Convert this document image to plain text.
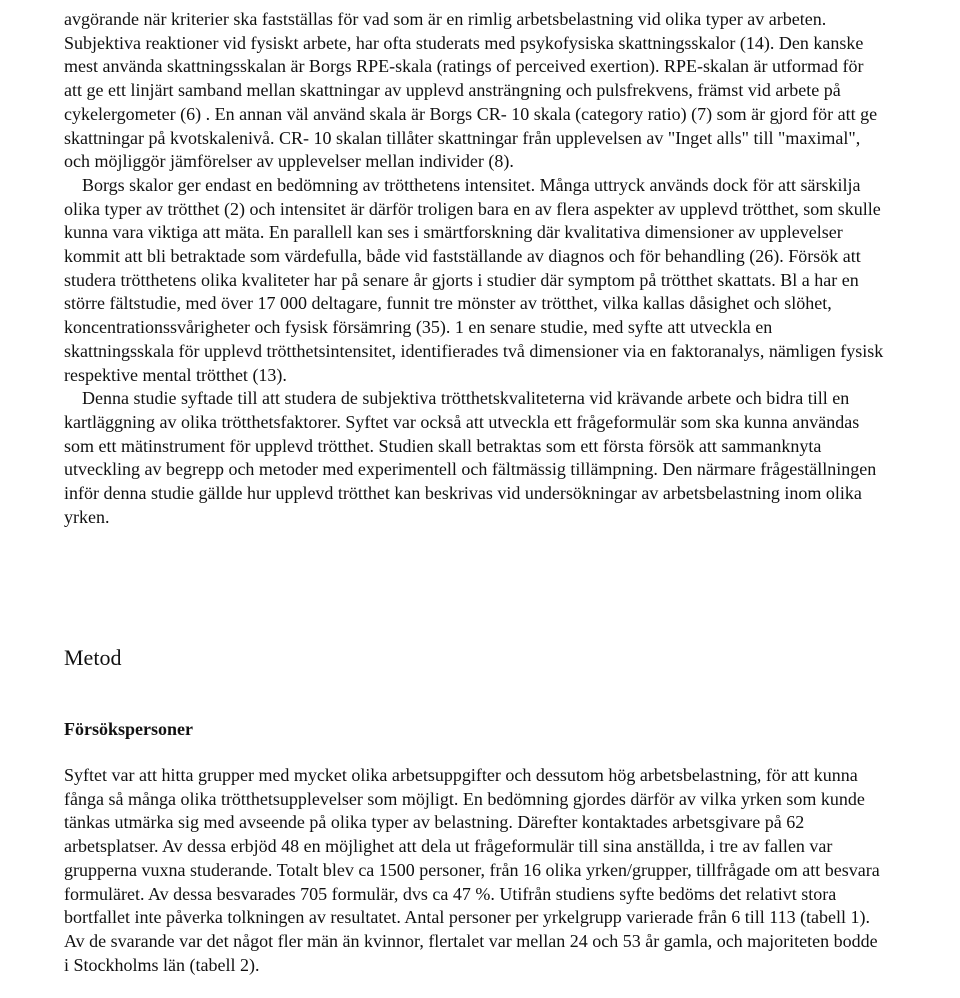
avgörande när kriterier ska fastställas för vad som är en rimlig arbetsbelastning vid olika typer av arbeten. Subjektiva reaktioner vid fysiskt arbete, har ofta studerats med psykofysiska skattningsskalor (14). Den kanske mest använda skattningsskalan är Borgs RPE-skala (ratings of perceived exertion). RPE-skalan är utformad för att ge ett linjärt samband mellan skattningar av upplevd ansträngning och pulsfrekvens, främst vid arbete på cykelergometer (6) . En annan väl använd skala är Borgs CR- 10 skala (category ratio) (7) som är gjord för att ge skattningar på kvotskalenivå. CR- 10 skalan tillåter skattningar från upplevelsen av "Inget alls" till "maximal", och möjliggör jämförelser av upplevelser mellan individer (8).

Borgs skalor ger endast en bedömning av trötthetens intensitet. Många uttryck används dock för att särskilja olika typer av trötthet (2) och intensitet är därför troligen bara en av flera aspekter av upplevd trötthet, som skulle kunna vara viktiga att mäta. En parallell kan ses i smärtforskning där kvalitativa dimensioner av upplevelser kommit att bli betraktade som värdefulla, både vid fastställande av diagnos och för behandling (26). Försök att studera trötthetens olika kvaliteter har på senare år gjorts i studier där symptom på trötthet skattats. Bl a har en större fältstudie, med över 17 000 deltagare, funnit tre mönster av trötthet, vilka kallas dåsighet och slöhet, koncentrationssvårigheter och fysisk försämring (35). 1 en senare studie, med syfte att utveckla en skattningsskala för upplevd trötthetsintensitet, identifierades två dimensioner via en faktoranalys, nämligen fysisk respektive mental trötthet (13).

Denna studie syftade till att studera de subjektiva trötthetskvaliteterna vid krävande arbete och bidra till en kartläggning av olika trötthetsfaktorer. Syftet var också att utveckla ett frågeformulär som ska kunna användas som ett mätinstrument för upplevd trötthet. Studien skall betraktas som ett första försök att sammanknyta utveckling av begrepp och metoder med experimentell och fältmässig tillämpning. Den närmare frågeställningen inför denna studie gällde hur upplevd trötthet kan beskrivas vid undersökningar av arbetsbelastning inom olika yrken.

Metod
Försökspersoner

Syftet var att hitta grupper med mycket olika arbetsuppgifter och dessutom hög arbetsbelastning, för att kunna fånga så många olika trötthetsupplevelser som möjligt. En bedömning gjordes därför av vilka yrken som kunde tänkas utmärka sig med avseende på olika typer av belastning. Därefter kontaktades arbetsgivare på 62 arbetsplatser. Av dessa erbjöd 48 en möjlighet att dela ut frågeformulär till sina anställda, i tre av fallen var grupperna vuxna studerande. Totalt blev ca 1500 personer, från 16 olika yrken/grupper, tillfrågade om att besvara formuläret. Av dessa besvarades 705 formulär, dvs ca 47 %. Utifrån studiens syfte bedöms det relativt stora bortfallet inte påverka tolkningen av resultatet. Antal personer per yrkelgrupp varierade från 6 till 113 (tabell 1). Av de svarande var det något fler män än kvinnor, flertalet var mellan 24 och 53 år gamla, och majoriteten bodde i Stockholms län (tabell 2).
